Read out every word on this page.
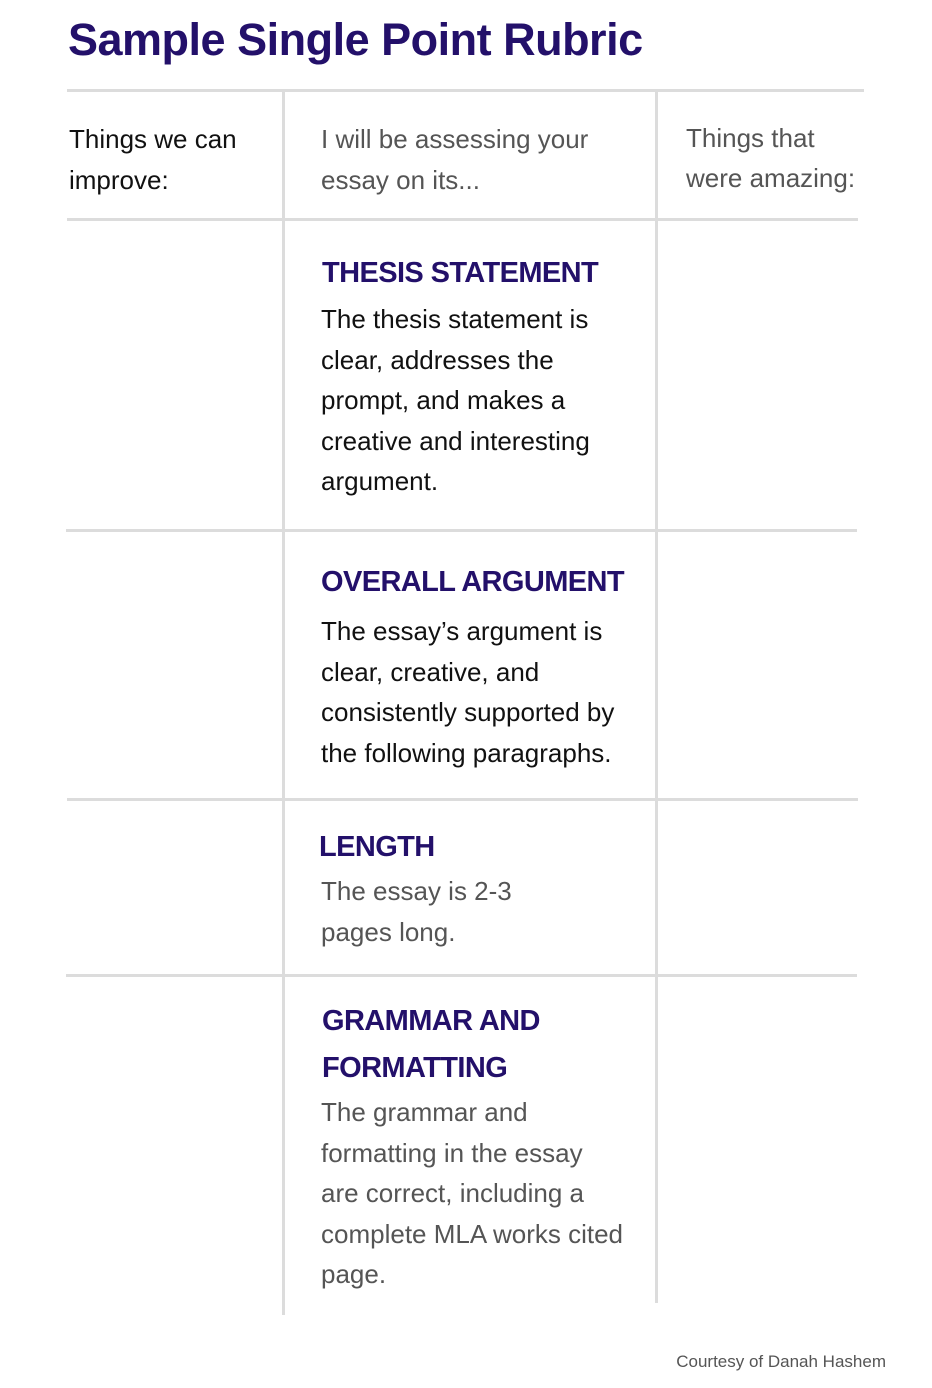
Sample Single Point Rubric
Things we can
improve:
I will be assessing your
essay on its...
Things that
were amazing:
THESIS STATEMENT
The thesis statement is
clear, addresses the
prompt, and makes a
creative and interesting
argument.
OVERALL ARGUMENT
The essay’s argument is
clear, creative, and
consistently supported by
the following paragraphs.
LENGTH
The essay is 2-3
pages long.
GRAMMAR AND
FORMATTING
The grammar and
formatting in the essay
are correct, including a
complete MLA works cited
page.
Courtesy of Danah Hashem
